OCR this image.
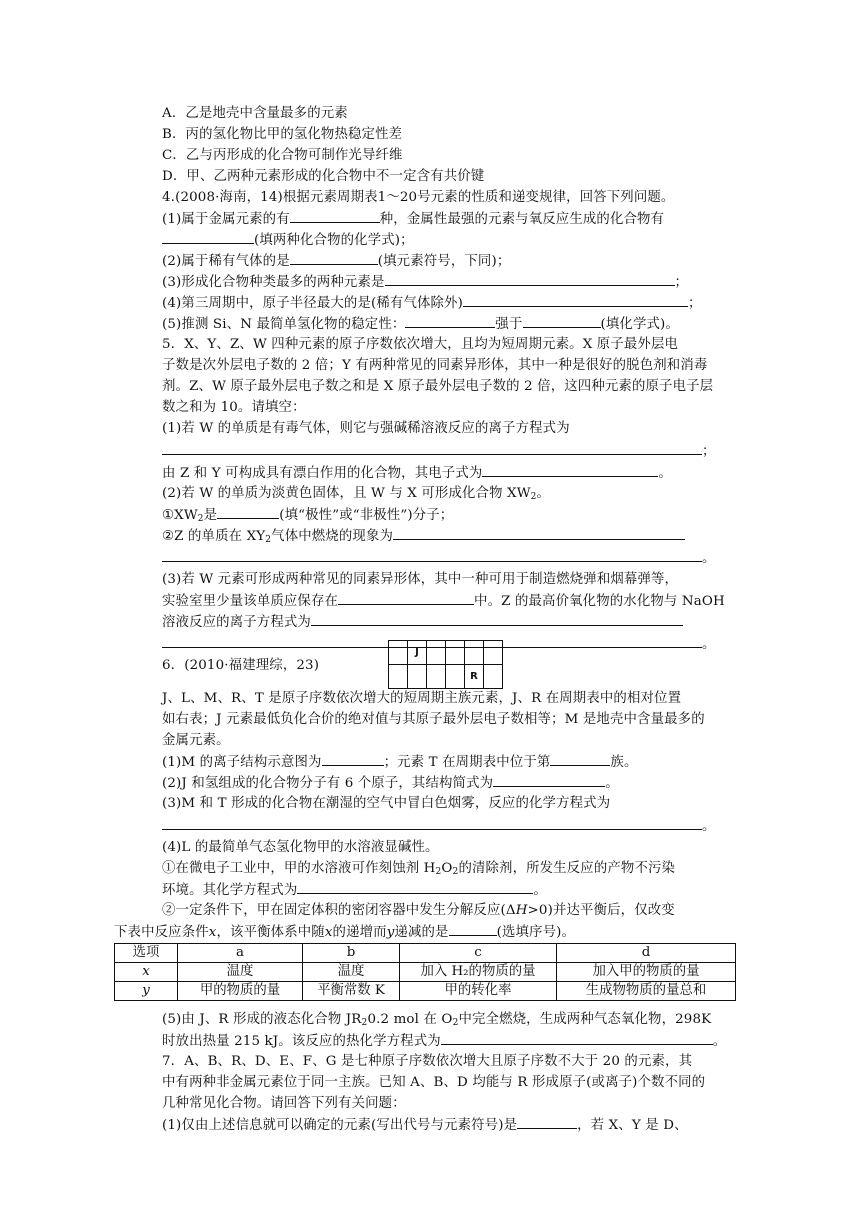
A．乙是地壳中含量最多的元素
B．丙的氢化物比甲的氢化物热稳定性差
C．乙与丙形成的化合物可制作光导纤维
D．甲、乙两种元素形成的化合物中不一定含有共价键
4.(2008·海南，14)根据元素周期表1～20号元素的性质和递变规律，回答下列问题。
(1)属于金属元素的有	种，金属性最强的元素与氧反应生成的化合物有
(填两种化合物的化学式)；
(2)属于稀有气体的是	(填元素符号，下同)；
(3)形成化合物种类最多的两种元素是	；
(4)第三周期中，原子半径最大的是(稀有气体除外)	；
(5)推测 Si、N 最简单氢化物的稳定性：	强于	(填化学式)。
5．X、Y、Z、W 四种元素的原子序数依次增大，且均为短周期元素。X 原子最外层电
子数是次外层电子数的 2 倍；Y 有两种常见的同素异形体，其中一种是很好的脱色剂和消毒
剂。Z、W 原子最外层电子数之和是 X 原子最外层电子数的 2 倍，这四种元素的原子电子层
数之和为 10。请填空：
(1)若 W 的单质是有毒气体，则它与强碱稀溶液反应的离子方程式为
；
由 Z 和 Y 可构成具有漂白作用的化合物，其电子式为	。
(2)若 W 的单质为淡黄色固体，且 W 与 X 可形成化合物 $XW_2$。
$①XW_2$是	(填“极性”或“非极性”)分子；
②Z 的单质在 $XY_2$气体中燃烧的现象为
。
(3)若 W 元素可形成两种常见的同素异形体，其中一种可用于制造燃烧弹和烟幕弹等，
实验室里少量该单质应保存在	中。Z 的最高价氧化物的水化物与 NaOH
溶液反应的离子方程式为
。
6．(2010·福建理综，23)
	J				
				R	
J、L、M、R、T 是原子序数依次增大的短周期主族元素，J、R 在周期表中的相对位置
如右表；J 元素最低负化合价的绝对值与其原子最外层电子数相等；M 是地壳中含量最多的
金属元素。
(1)M 的离子结构示意图为	；元素 T 在周期表中位于第	族。
(2)J 和氢组成的化合物分子有 6 个原子，其结构简式为	。
(3)M 和 T 形成的化合物在潮湿的空气中冒白色烟雾，反应的化学方程式为
。
(4)L 的最简单气态氢化物甲的水溶液显碱性。
①在微电子工业中，甲的水溶液可作刻蚀剂 $H_2O_2$的清除剂，所发生反应的产物不污染
环境。其化学方程式为	。
②一定条件下，甲在固定体积的密闭容器中发生分解反应(ΔH>0)并达平衡后，仅改变
下表中反应条件x，该平衡体系中随x的递增而y递减的是	(选填序号)。
选项	a	b	c	d
x	温度	温度	加入 H₂的物质的量	加入甲的物质的量
y	甲的物质的量	平衡常数 K	甲的转化率	生成物物质的量总和
(5)由 J、R 形成的液态化合物 $JR_20.2$ mol 在 $O_2$中完全燃烧，生成两种气态氧化物，298K
时放出热量 215 kJ。该反应的热化学方程式为	。
7．A、B、R、D、E、F、G 是七种原子序数依次增大且原子序数不大于 20 的元素，其
中有两种非金属元素位于同一主族。已知 A、B、D 均能与 R 形成原子(或离子)个数不同的
几种常见化合物。请回答下列有关问题：
(1)仅由上述信息就可以确定的元素(写出代号与元素符号)是	，若 X、Y 是 D、
